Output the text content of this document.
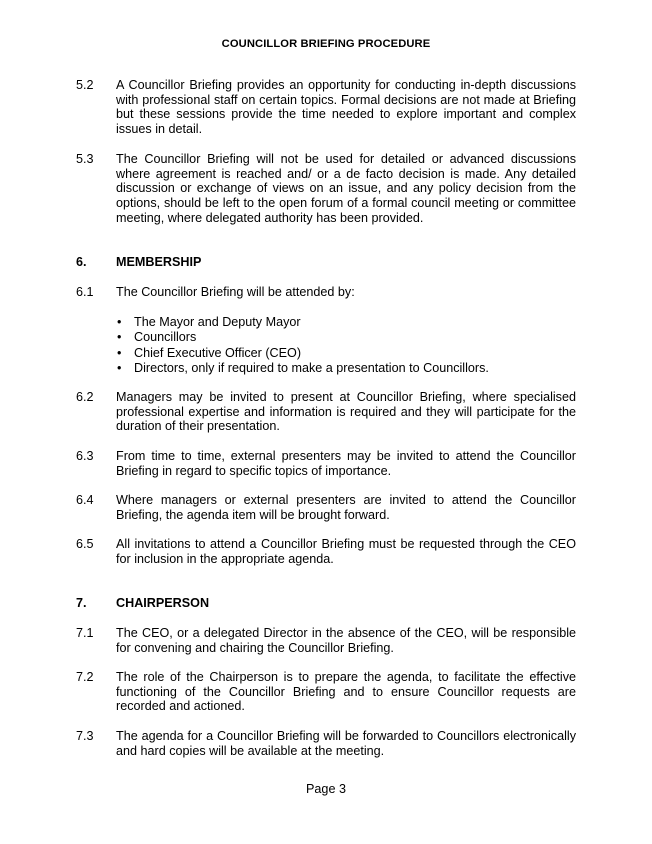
COUNCILLOR BRIEFING PROCEDURE
5.2	A Councillor Briefing provides an opportunity for conducting in-depth discussions with professional staff on certain topics. Formal decisions are not made at Briefing but these sessions provide the time needed to explore important and complex issues in detail.
5.3	The Councillor Briefing will not be used for detailed or advanced discussions where agreement is reached and/ or a de facto decision is made. Any detailed discussion or exchange of views on an issue, and any policy decision from the options, should be left to the open forum of a formal council meeting or committee meeting, where delegated authority has been provided.
6.	MEMBERSHIP
6.1	The Councillor Briefing will be attended by:
• The Mayor and Deputy Mayor
• Councillors
• Chief Executive Officer (CEO)
• Directors, only if required to make a presentation to Councillors.
6.2	Managers may be invited to present at Councillor Briefing, where specialised professional expertise and information is required and they will participate for the duration of their presentation.
6.3	From time to time, external presenters may be invited to attend the Councillor Briefing in regard to specific topics of importance.
6.4	Where managers or external presenters are invited to attend the Councillor Briefing, the agenda item will be brought forward.
6.5	All invitations to attend a Councillor Briefing must be requested through the CEO for inclusion in the appropriate agenda.
7.	CHAIRPERSON
7.1	The CEO, or a delegated Director in the absence of the CEO, will be responsible for convening and chairing the Councillor Briefing.
7.2	The role of the Chairperson is to prepare the agenda, to facilitate the effective functioning of the Councillor Briefing and to ensure Councillor requests are recorded and actioned.
7.3	The agenda for a Councillor Briefing will be forwarded to Councillors electronically and hard copies will be available at the meeting.
Page 3
